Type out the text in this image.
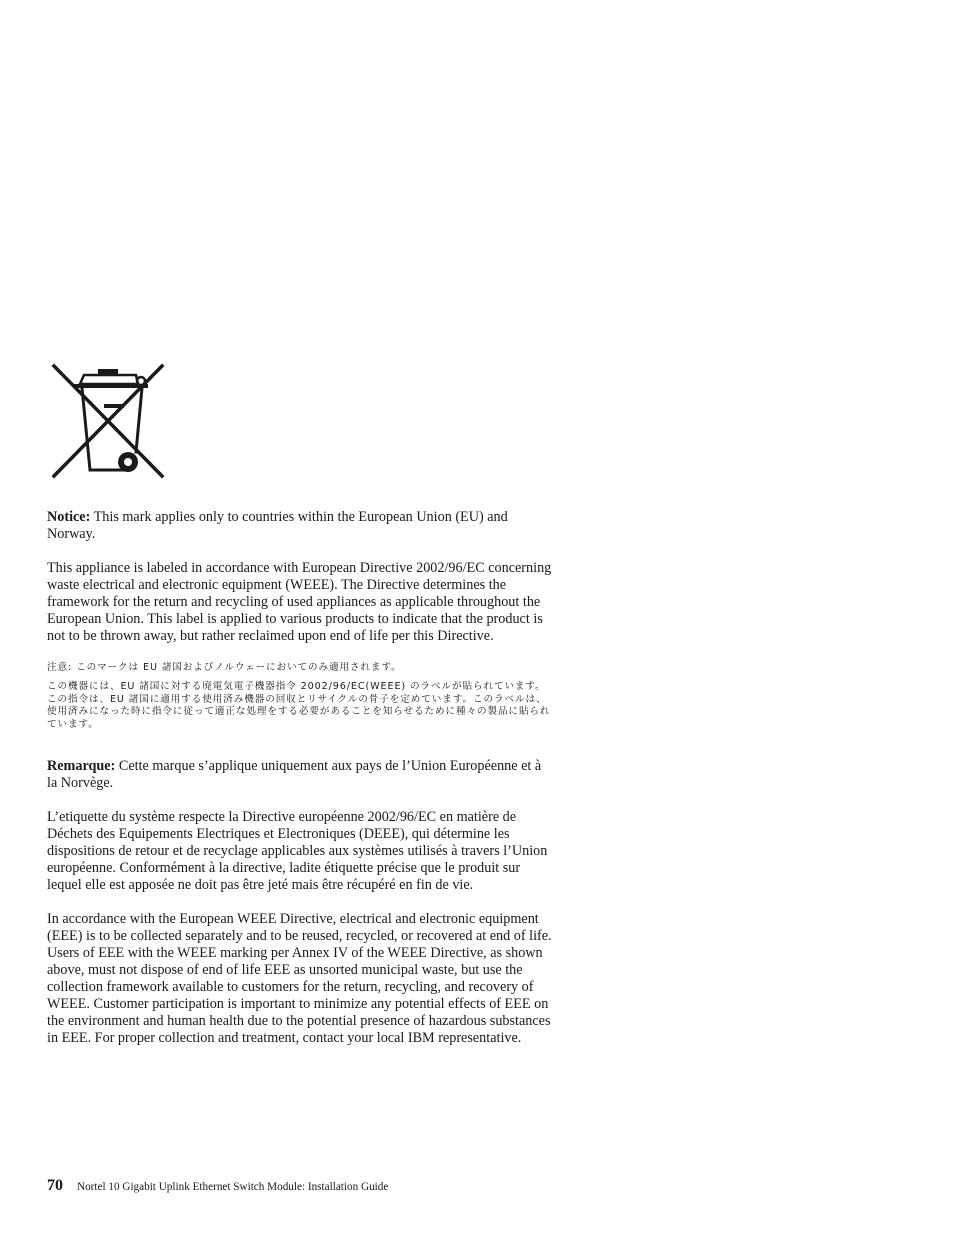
Notice: This mark applies only to countries within the European Union (EU) and Norway.

This appliance is labeled in accordance with European Directive 2002/96/EC concerning waste electrical and electronic equipment (WEEE). The Directive determines the framework for the return and recycling of used appliances as applicable throughout the European Union. This label is applied to various products to indicate that the product is not to be thrown away, but rather reclaimed upon end of life per this Directive.

注意: このマークは EU 諸国およびノルウェーにおいてのみ適用されます。

この機器には、EU 諸国に対する廃電気電子機器指令 2002/96/EC(WEEE) のラベルが貼られています。この指令は、EU 諸国に適用する使用済み機器の回収とリサイクルの骨子を定めています。このラベルは、使用済みになった時に指令に従って適正な処理をする必要があることを知らせるために種々の製品に貼られています。

Remarque: Cette marque s’applique uniquement aux pays de l’Union Européenne et à la Norvège.

L’etiquette du système respecte la Directive européenne 2002/96/EC en matière de Déchets des Equipements Electriques et Electroniques (DEEE), qui détermine les dispositions de retour et de recyclage applicables aux systèmes utilisés à travers l’Union européenne. Conformément à la directive, ladite étiquette précise que le produit sur lequel elle est apposée ne doit pas être jeté mais être récupéré en fin de vie.

In accordance with the European WEEE Directive, electrical and electronic equipment (EEE) is to be collected separately and to be reused, recycled, or recovered at end of life. Users of EEE with the WEEE marking per Annex IV of the WEEE Directive, as shown above, must not dispose of end of life EEE as unsorted municipal waste, but use the collection framework available to customers for the return, recycling, and recovery of WEEE. Customer participation is important to minimize any potential effects of EEE on the environment and human health due to the potential presence of hazardous substances in EEE. For proper collection and treatment, contact your local IBM representative.

70 Nortel 10 Gigabit Uplink Ethernet Switch Module: Installation Guide
